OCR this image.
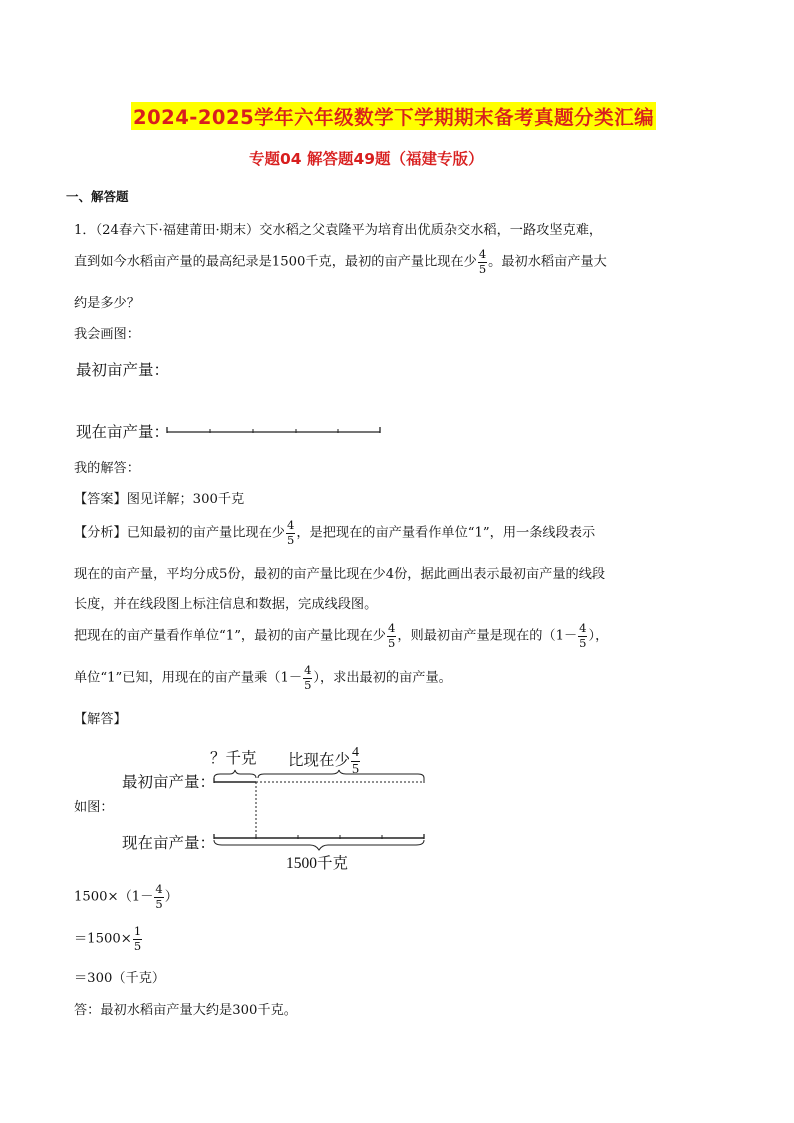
2024-2025学年六年级数学下学期期末备考真题分类汇编
专题04 解答题49题（福建专版）
一、解答题
1．（24春六下·福建莆田·期末）交水稻之父袁隆平为培育出优质杂交水稻，一路攻坚克难，
直到如今水稻亩产量的最高纪录是1500千克，最初的亩产量比现在少 $\frac{4}{5}$ 。最初水稻亩产量大
约是多少？
我会画图：
最初亩产量：
现在亩产量：
我的解答：
【答案】图见详解；300千克
【分析】已知最初的亩产量比现在少 $\frac{4}{5}$ ，是把现在的亩产量看作单位“1”，用一条线段表示
现在的亩产量，平均分成5份，最初的亩产量比现在少4份，据此画出表示最初亩产量的线段
长度，并在线段图上标注信息和数据，完成线段图。
把现在的亩产量看作单位“1”，最初的亩产量比现在少 $\frac{4}{5}$ ，则最初亩产量是现在的（$1- \frac{4}{5}$ ），
单位“1”已知，用现在的亩产量乘（$1- \frac{4}{5}$ ），求出最初的亩产量。
【解答】
？千克 比现在少 $\frac{4}{5}$
最初亩产量：
如图：
现在亩产量：
1500千克
$1500\times(1- \frac{4}{5}$ ）
$=1500\times \frac{1}{5}$
＝300（千克）
答：最初水稻亩产量大约是300千克。
